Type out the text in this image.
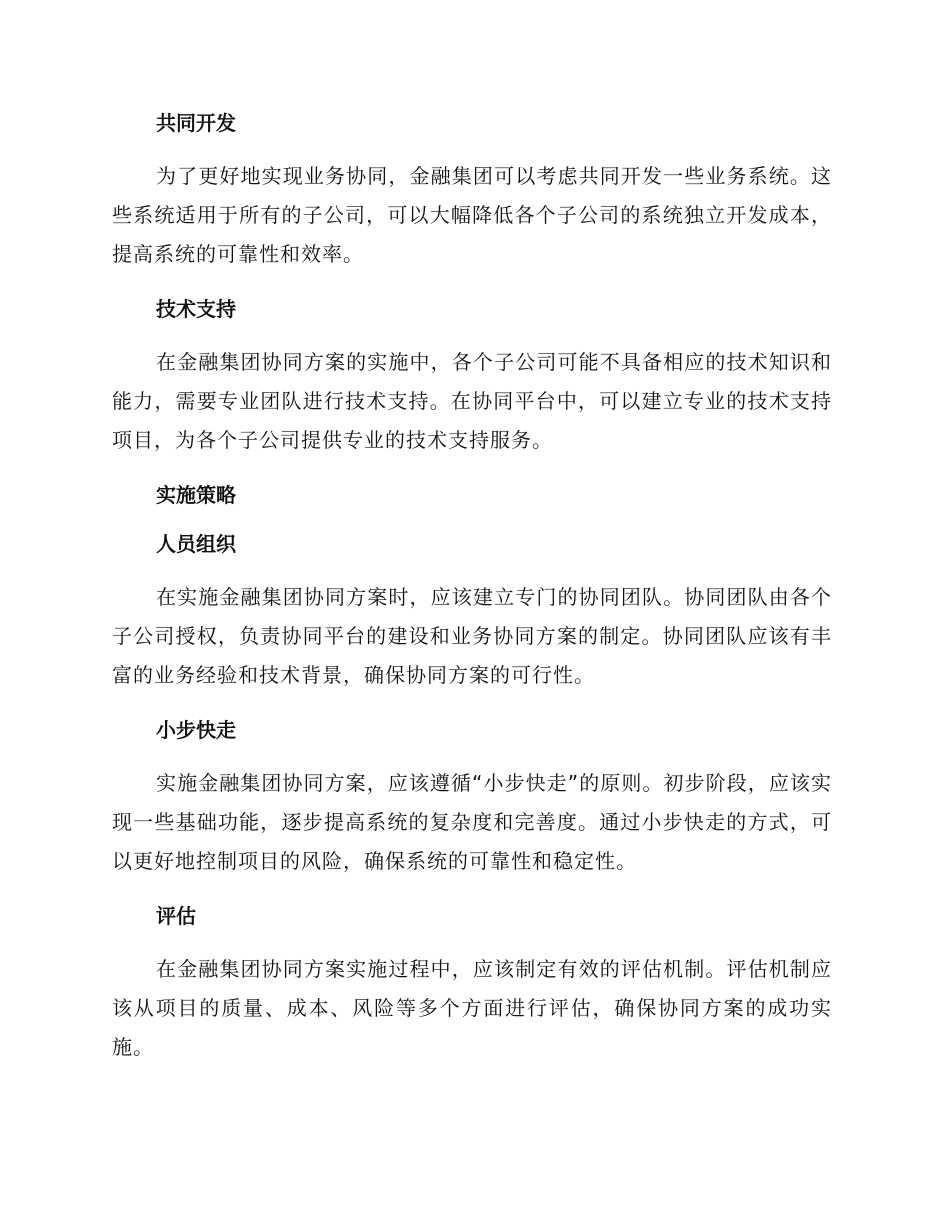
共同开发

为了更好地实现业务协同，金融集团可以考虑共同开发一些业务系统。这些系统适用于所有的子公司，可以大幅降低各个子公司的系统独立开发成本，提高系统的可靠性和效率。

技术支持

在金融集团协同方案的实施中，各个子公司可能不具备相应的技术知识和能力，需要专业团队进行技术支持。在协同平台中，可以建立专业的技术支持项目，为各个子公司提供专业的技术支持服务。

实施策略
人员组织

在实施金融集团协同方案时，应该建立专门的协同团队。协同团队由各个子公司授权，负责协同平台的建设和业务协同方案的制定。协同团队应该有丰富的业务经验和技术背景，确保协同方案的可行性。

小步快走

实施金融集团协同方案，应该遵循“小步快走”的原则。初步阶段，应该实现一些基础功能，逐步提高系统的复杂度和完善度。通过小步快走的方式，可以更好地控制项目的风险，确保系统的可靠性和稳定性。

评估

在金融集团协同方案实施过程中，应该制定有效的评估机制。评估机制应该从项目的质量、成本、风险等多个方面进行评估，确保协同方案的成功实施。
